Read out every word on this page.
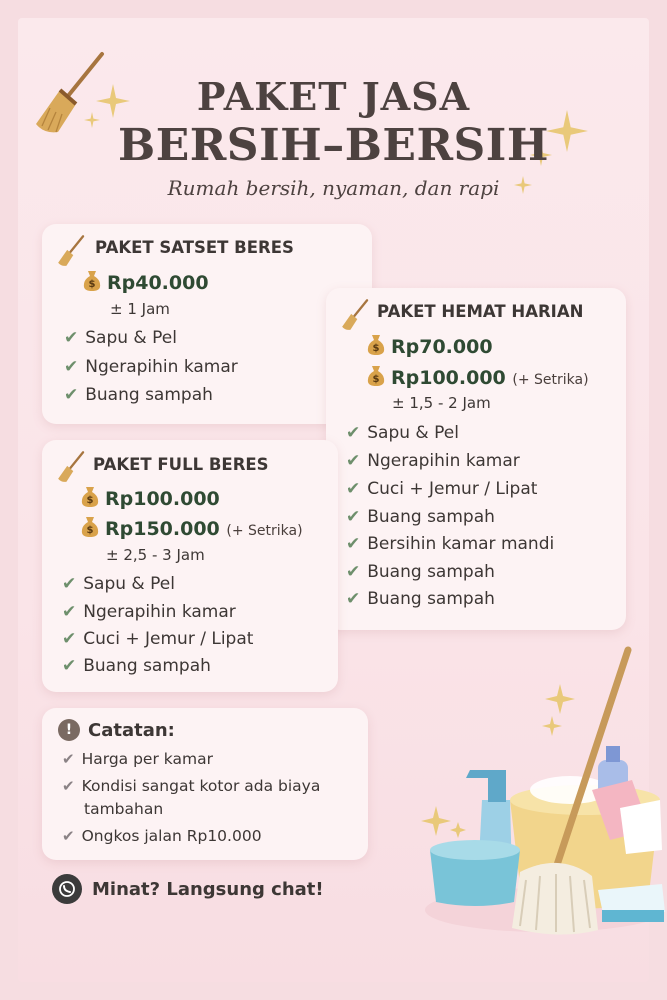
PAKET JASA
BERSIH–BERSIH
Rumah bersih, nyaman, dan rapi
PAKET SATSET BERES
$ Rp40.000
± 1 Jam
✔ Sapu & Pel
✔ Ngerapihin kamar
✔ Buang sampah
PAKET HEMAT HARIAN
$ Rp70.000
$ Rp100.000 (+ Setrika)
± 1,5 - 2 Jam
✔ Sapu & Pel
✔ Ngerapihin kamar
✔ Cuci + Jemur / Lipat
✔ Buang sampah
✔ Bersihin kamar mandi
✔ Buang sampah
✔ Buang sampah
PAKET FULL BERES
$ Rp100.000
$ Rp150.000 (+ Setrika)
± 2,5 - 3 Jam
✔ Sapu & Pel
✔ Ngerapihin kamar
✔ Cuci + Jemur / Lipat
✔ Buang sampah
! Catatan:
✔ Harga per kamar
✔ Kondisi sangat kotor ada biaya
tambahan
✔ Ongkos jalan Rp10.000
Minat? Langsung chat!
